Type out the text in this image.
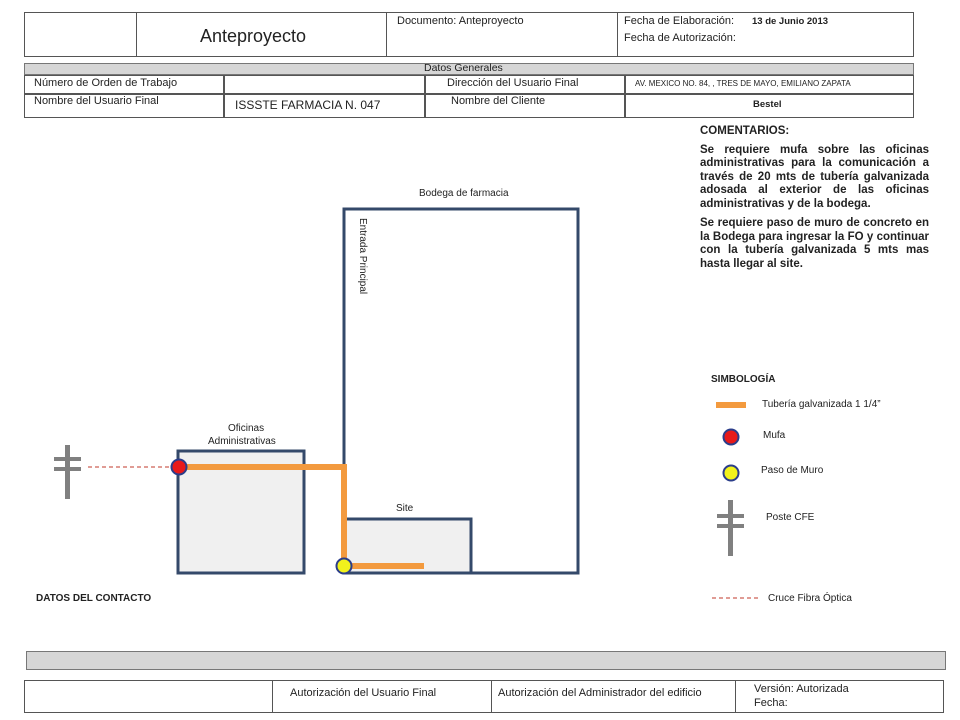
Anteproyecto
Documento: Anteproyecto	Fecha de Elaboración: 13 de Junio 2013
Fecha de Autorización:
Datos Generales
Número de Orden de Trabajo	Dirección del Usuario Final	AV. MEXICO NO. 84, , TRES DE MAYO, EMILIANO ZAPATA
Nombre del Usuario Final	ISSSTE FARMACIA N. 047	Nombre del Cliente	Bestel

COMENTARIOS:

Se requiere mufa sobre las oficinas administrativas para la comunicación a través de 20 mts de tubería galvanizada adosada al exterior de las oficinas administrativas y de la bodega.

Se requiere paso de muro de concreto en la Bodega para ingresar la FO y continuar con la tubería galvanizada 5 mts mas hasta llegar al site.

Bodega de farmacia
Entrada Principal
Oficinas
Administrativas
Site
DATOS DEL CONTACTO
SIMBOLOGÍA
Tubería galvanizada 1 1/4”
Mufa
Paso de Muro
Poste CFE
Cruce Fibra Óptica
Autorización del Usuario Final	Autorización del Administrador del edificio	Versión: Autorizada
Fecha:
